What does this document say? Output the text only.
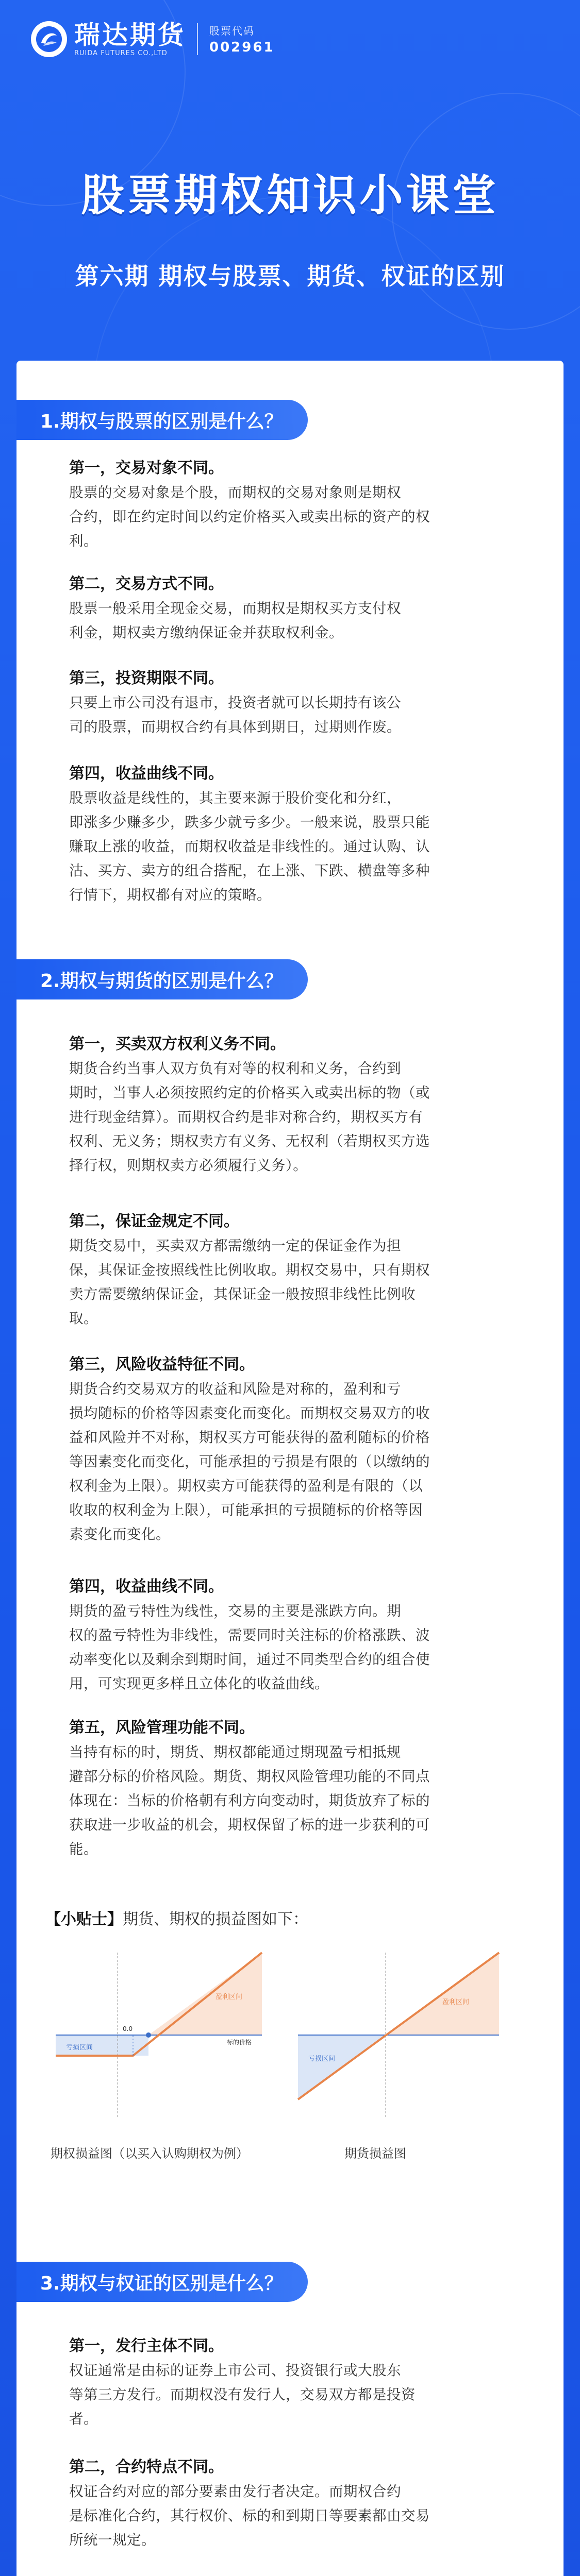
瑞达期货
RUIDA FUTURES CO.,LTD
股票代码
002961
股票期权知识小课堂
第六期 期权与股票、期货、权证的区别
1.期权与股票的区别是什么？
第一，交易对象不同。
股票的交易对象是个股，而期权的交易对象则是期权
合约，即在约定时间以约定价格买入或卖出标的资产的权
利。
第二，交易方式不同。
股票一般采用全现金交易，而期权是期权买方支付权
利金，期权卖方缴纳保证金并获取权利金。
第三，投资期限不同。
只要上市公司没有退市，投资者就可以长期持有该公
司的股票，而期权合约有具体到期日，过期则作废。
第四，收益曲线不同。
股票收益是线性的，其主要来源于股价变化和分红，
即涨多少赚多少，跌多少就亏多少。一般来说，股票只能
赚取上涨的收益，而期权收益是非线性的。通过认购、认
沽、买方、卖方的组合搭配，在上涨、下跌、横盘等多种
行情下，期权都有对应的策略。
2.期权与期货的区别是什么？
第一，买卖双方权利义务不同。
期货合约当事人双方负有对等的权利和义务，合约到
期时，当事人必须按照约定的价格买入或卖出标的物（或
进行现金结算）。而期权合约是非对称合约，期权买方有
权利、无义务；期权卖方有义务、无权利（若期权买方选
择行权，则期权卖方必须履行义务）。
第二，保证金规定不同。
期货交易中，买卖双方都需缴纳一定的保证金作为担
保，其保证金按照线性比例收取。期权交易中，只有期权
卖方需要缴纳保证金，其保证金一般按照非线性比例收
取。
第三，风险收益特征不同。
期货合约交易双方的收益和风险是对称的，盈利和亏
损均随标的价格等因素变化而变化。而期权交易双方的收
益和风险并不对称，期权买方可能获得的盈利随标的价格
等因素变化而变化，可能承担的亏损是有限的（以缴纳的
权利金为上限）。期权卖方可能获得的盈利是有限的（以
收取的权利金为上限），可能承担的亏损随标的价格等因
素变化而变化。
第四，收益曲线不同。
期货的盈亏特性为线性，交易的主要是涨跌方向。期
权的盈亏特性为非线性，需要同时关注标的价格涨跌、波
动率变化以及剩余到期时间，通过不同类型合约的组合使
用，可实现更多样且立体化的收益曲线。
第五，风险管理功能不同。
当持有标的时，期货、期权都能通过期现盈亏相抵规
避部分标的价格风险。期货、期权风险管理功能的不同点
体现在：当标的价格朝有利方向变动时，期货放弃了标的
获取进一步收益的机会，期权保留了标的进一步获利的可
能。
【小贴士】期货、期权的损益图如下：
盈利区间
亏损区间
0.0
标的价格
期权损益图（以买入认购期权为例）
盈利区间
亏损区间
期货损益图
3.期权与权证的区别是什么？
第一，发行主体不同。
权证通常是由标的证券上市公司、投资银行或大股东
等第三方发行。而期权没有发行人，交易双方都是投资
者。
第二，合约特点不同。
权证合约对应的部分要素由发行者决定。而期权合约
是标准化合约，其行权价、标的和到期日等要素都由交易
所统一规定。
